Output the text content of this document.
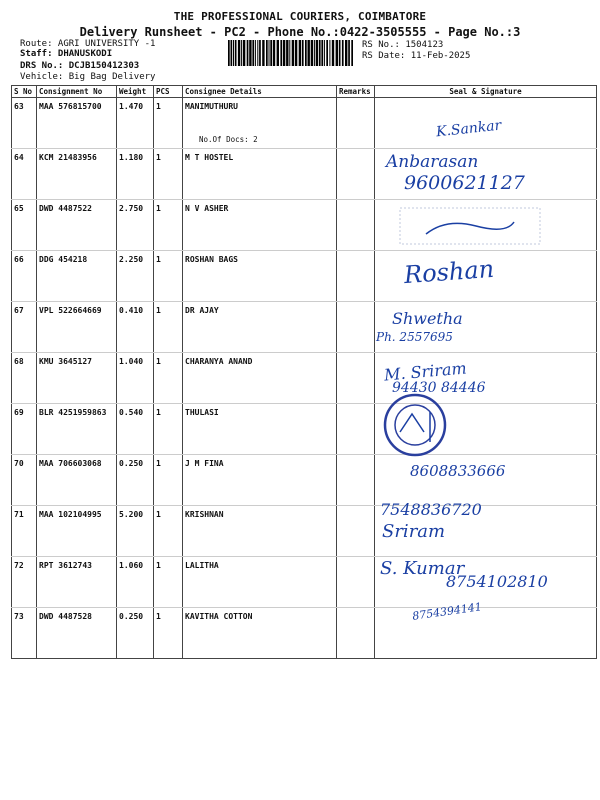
THE PROFESSIONAL COURIERS, COIMBATORE
Delivery Runsheet - PC2 - Phone No.:0422-3505555 - Page No.:3
Route: AGRI UNIVERSITY -1
Staff: DHANUSKODI
DRS No.: DCJB150412303
Vehicle: Big Bag Delivery
RS No.: 1504123
RS Date: 11-Feb-2025
S No	Consignment No	Weight	PCS	Consignee Details	Remarks	Seal & Signature
63	MAA 576815700	1.470	1	MANIMUTHURU
No.Of Docs: 2		

64	KCM 21483956	1.180	1	M T HOSTEL		
65	DWD 4487522	2.750	1	N V ASHER		
66	DDG 454218	2.250	1	ROSHAN BAGS		
67	VPL 522664669	0.410	1	DR AJAY		
68	KMU 3645127	1.040	1	CHARANYA ANAND		
69	BLR 4251959863	0.540	1	THULASI		
70	MAA 706603068	0.250	1	J M FINA		
71	MAA 102104995	5.200	1	KRISHNAN		
72	RPT 3612743	1.060	1	LALITHA		
73	DWD 4487528	0.250	1	KAVITHA COTTON		
K.Sankar
Anbarasan
9600621127
Roshan
Shwetha
Ph. 2557695
M. Sriram
94430 84446
8608833666
7548836720
Sriram
S. Kumar
8754102810
8754394141
